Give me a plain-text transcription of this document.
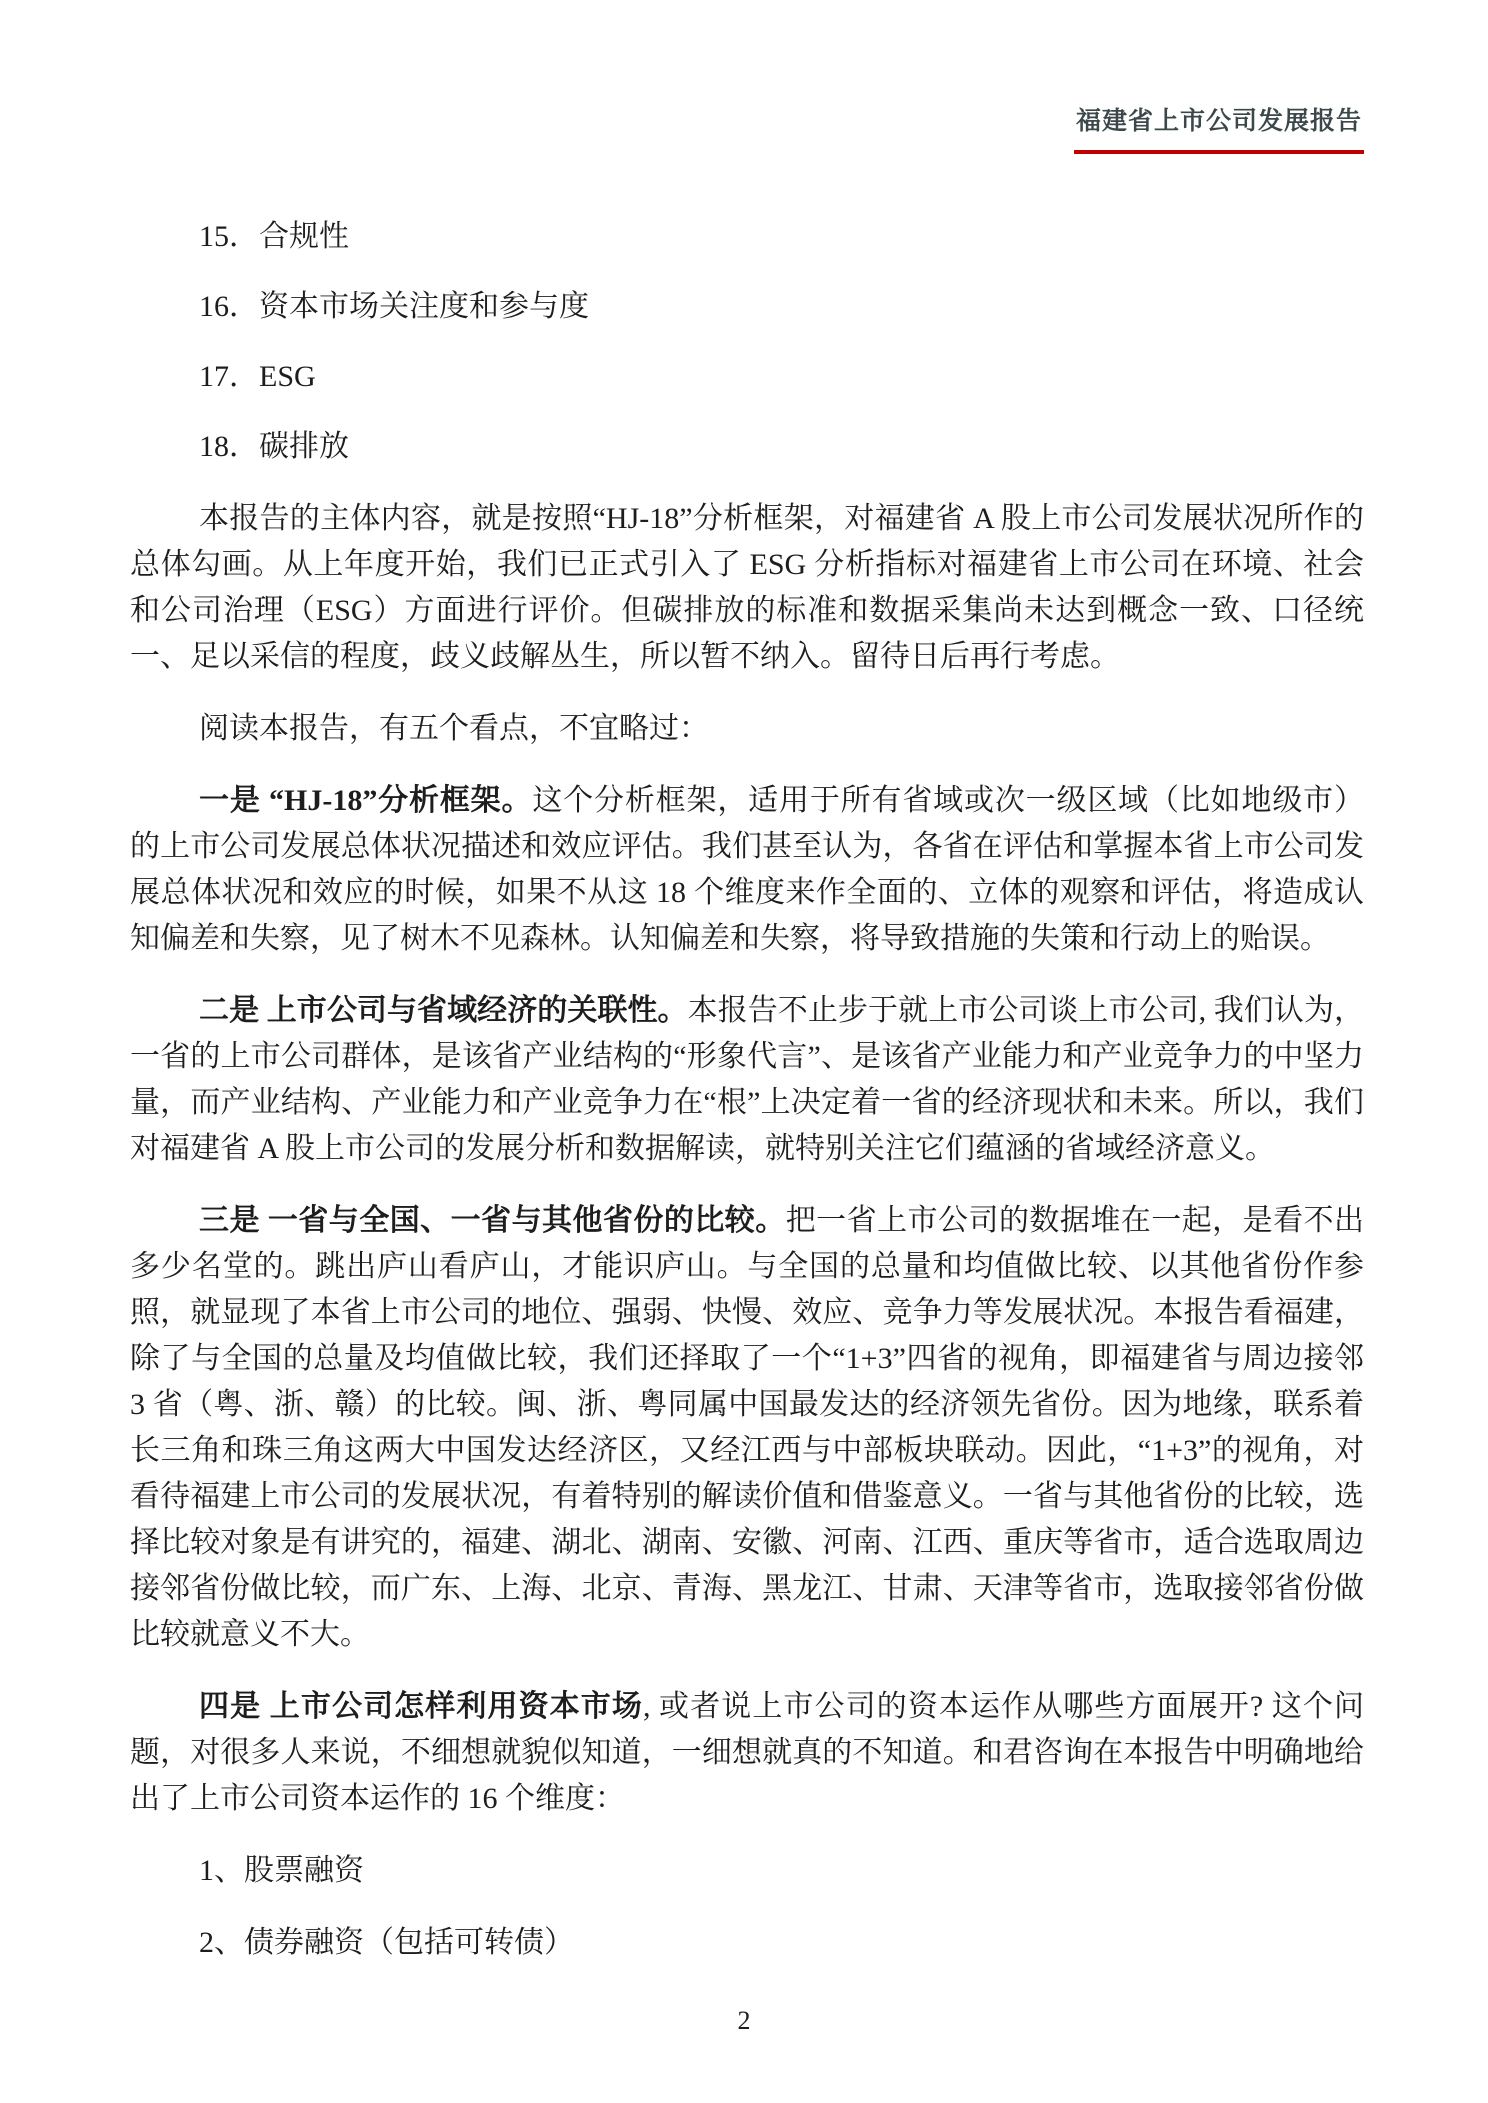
福建省上市公司发展报告

15．合规性

16．资本市场关注度和参与度

17．ESG

18．碳排放

本报告的主体内容，就是按照“HJ-18”分析框架，对福建省 A 股上市公司发展状况所作的总体勾画。从上年度开始，我们已正式引入了 ESG 分析指标对福建省上市公司在环境、社会和公司治理（ESG）方面进行评价。但碳排放的标准和数据采集尚未达到概念一致、口径统一、足以采信的程度，歧义歧解丛生，所以暂不纳入。留待日后再行考虑。

阅读本报告，有五个看点，不宜略过：

一是 “HJ-18”分析框架。这个分析框架，适用于所有省域或次一级区域（比如地级市）的上市公司发展总体状况描述和效应评估。我们甚至认为，各省在评估和掌握本省上市公司发展总体状况和效应的时候，如果不从这 18 个维度来作全面的、立体的观察和评估，将造成认知偏差和失察，见了树木不见森林。认知偏差和失察，将导致措施的失策和行动上的贻误。

二是 上市公司与省域经济的关联性。本报告不止步于就上市公司谈上市公司, 我们认为，一省的上市公司群体，是该省产业结构的“形象代言”、是该省产业能力和产业竞争力的中坚力量，而产业结构、产业能力和产业竞争力在“根”上决定着一省的经济现状和未来。所以，我们对福建省 A 股上市公司的发展分析和数据解读，就特别关注它们蕴涵的省域经济意义。

三是 一省与全国、一省与其他省份的比较。把一省上市公司的数据堆在一起，是看不出多少名堂的。跳出庐山看庐山，才能识庐山。与全国的总量和均值做比较、以其他省份作参照，就显现了本省上市公司的地位、强弱、快慢、效应、竞争力等发展状况。本报告看福建，除了与全国的总量及均值做比较，我们还择取了一个“1+3”四省的视角，即福建省与周边接邻 3 省（粤、浙、赣）的比较。闽、浙、粤同属中国最发达的经济领先省份。因为地缘，联系着长三角和珠三角这两大中国发达经济区，又经江西与中部板块联动。因此，“1+3”的视角，对看待福建上市公司的发展状况，有着特别的解读价值和借鉴意义。一省与其他省份的比较，选择比较对象是有讲究的，福建、湖北、湖南、安徽、河南、江西、重庆等省市，适合选取周边接邻省份做比较，而广东、上海、北京、青海、黑龙江、甘肃、天津等省市，选取接邻省份做比较就意义不大。

四是 上市公司怎样利用资本市场, 或者说上市公司的资本运作从哪些方面展开? 这个问题，对很多人来说，不细想就貌似知道，一细想就真的不知道。和君咨询在本报告中明确地给出了上市公司资本运作的 16 个维度：

1、股票融资

2、债券融资（包括可转债）

2
